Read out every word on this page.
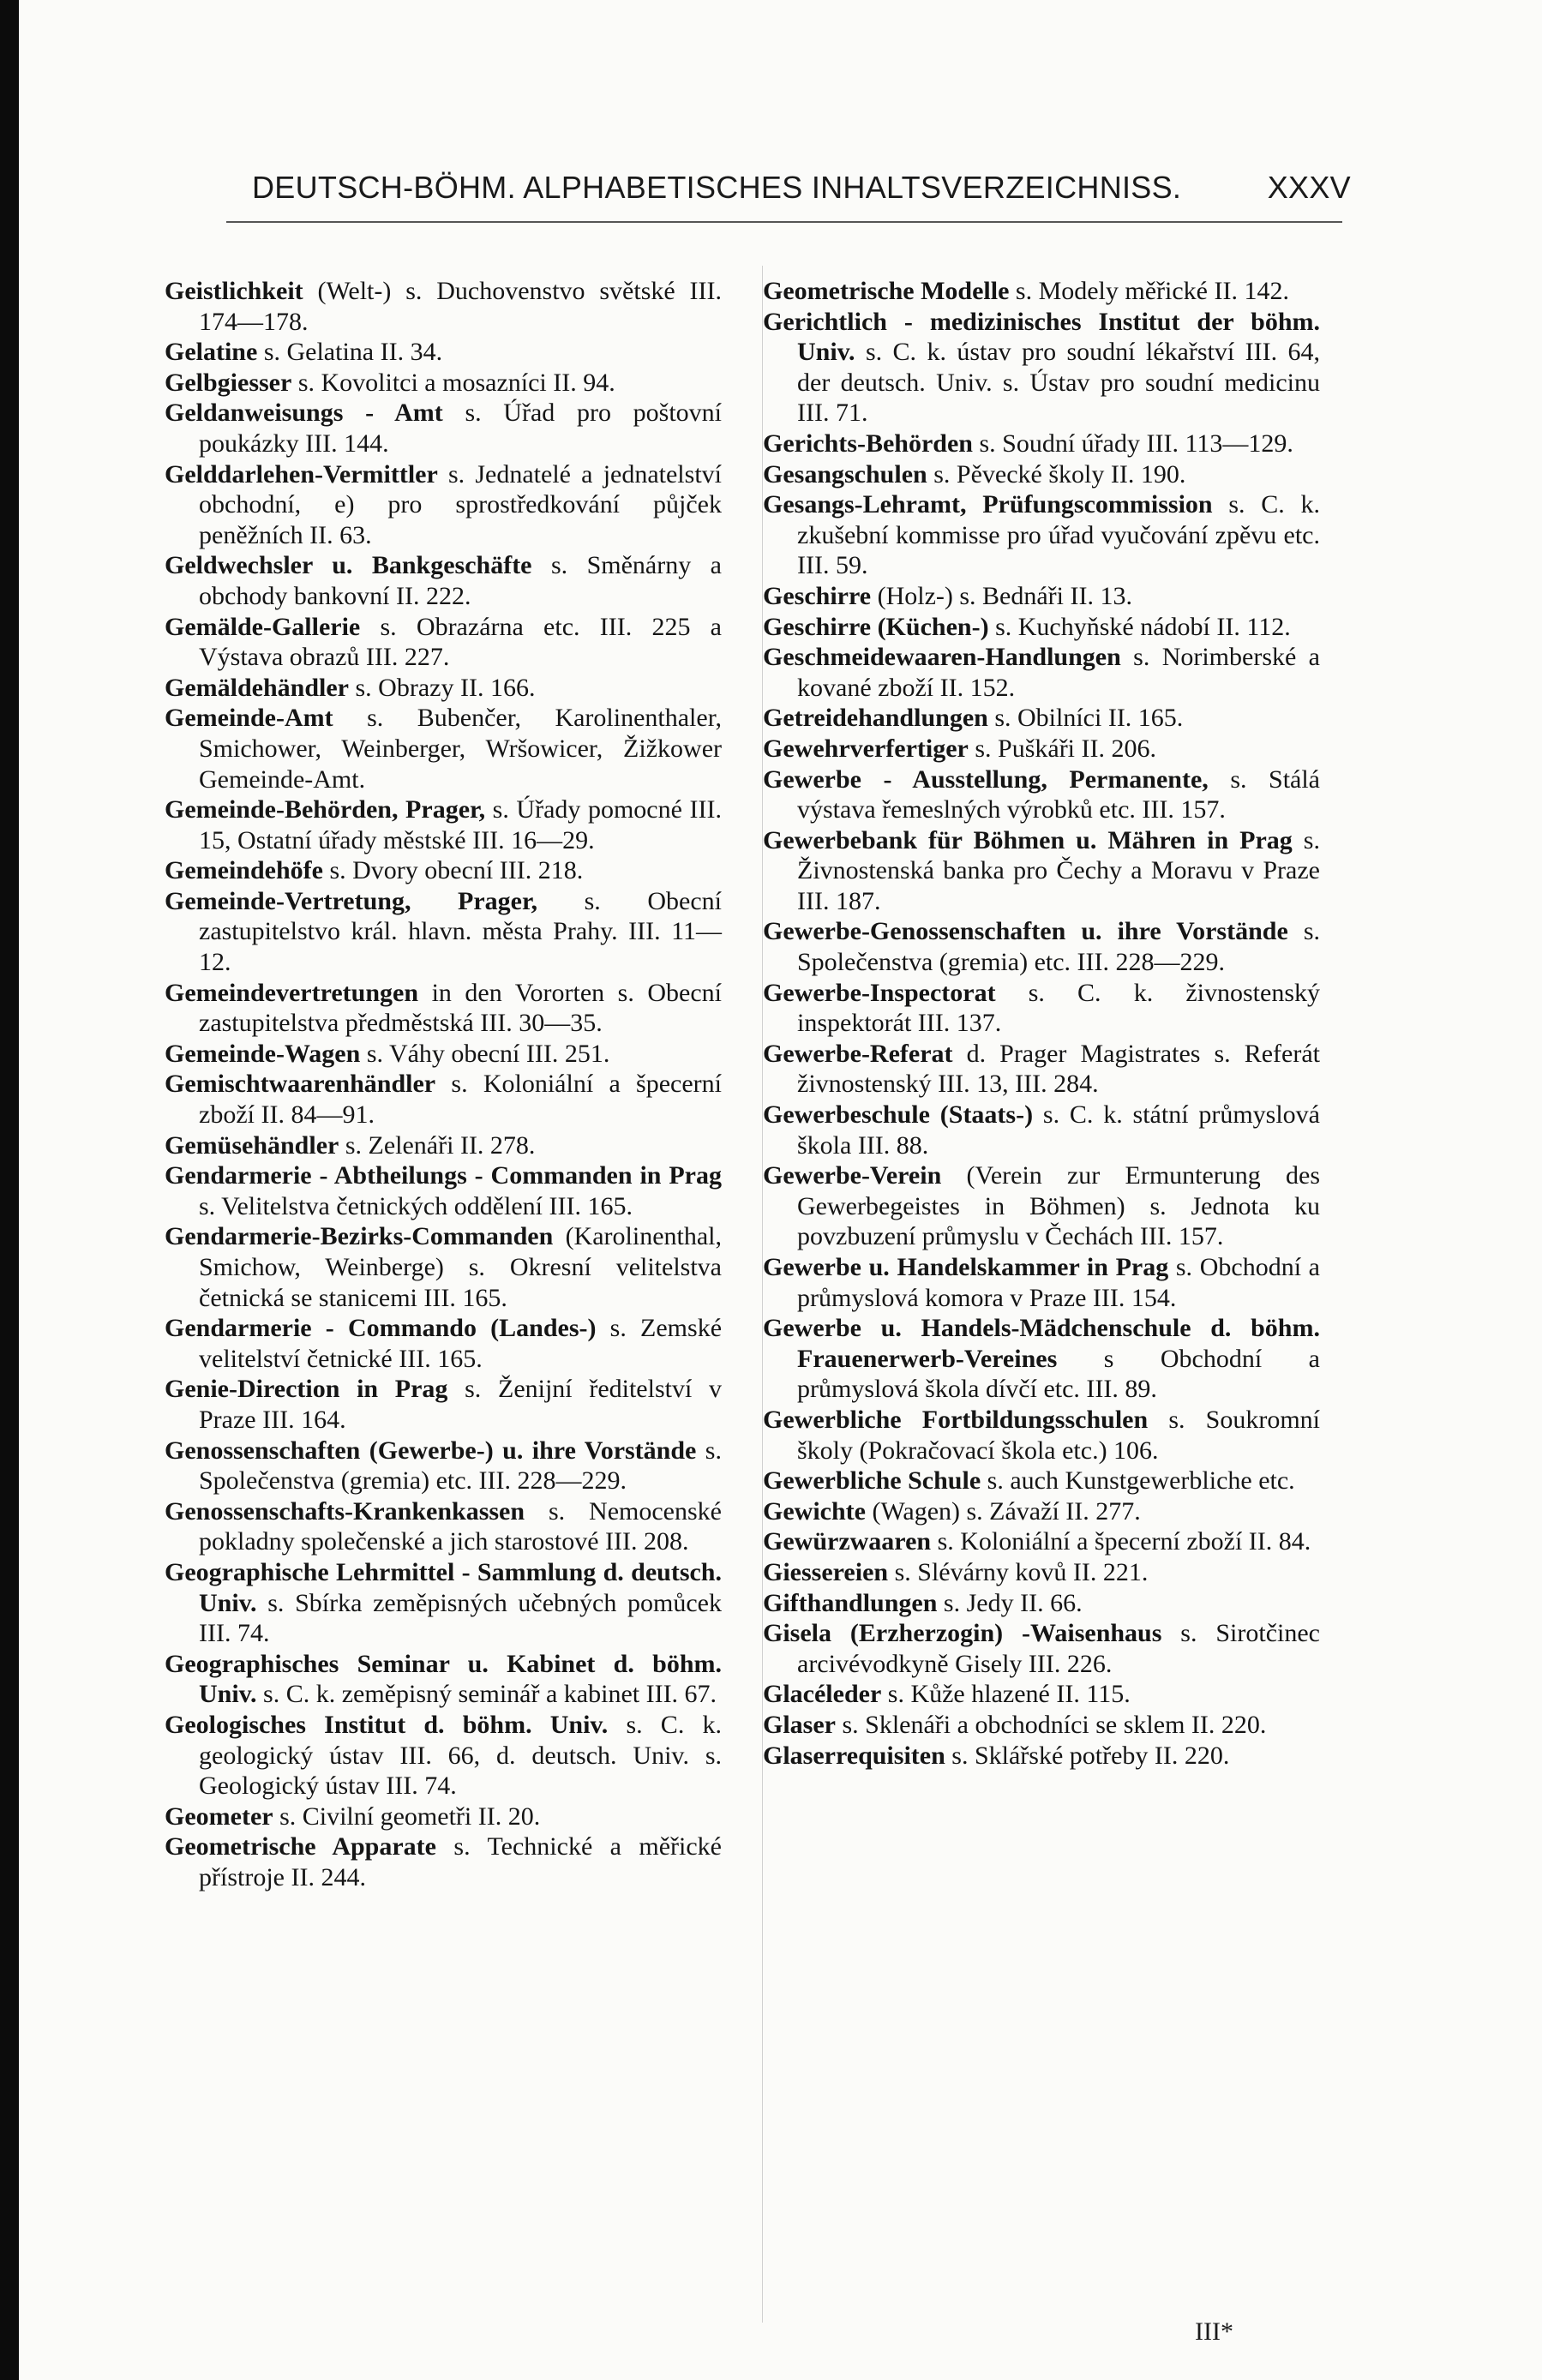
DEUTSCH-BÖHM. ALPHABETISCHES INHALTSVERZEICHNISS.	XXXV
Geistlichkeit (Welt-) s. Duchovenstvo světské III. 174—178.
Gelatine s. Gelatina II. 34.
Gelbgiesser s. Kovolitci a mosazníci II. 94.
Geldanweisungs - Amt s. Úřad pro poštovní poukázky III. 144.
Gelddarlehen-Vermittler s. Jednatelé a jednatelství obchodní, e) pro sprostředkování půjček peněžních II. 63.
Geldwechsler u. Bankgeschäfte s. Směnárny a obchody bankovní II. 222.
Gemälde-Gallerie s. Obrazárna etc. III. 225 a Výstava obrazů III. 227.
Gemäldehändler s. Obrazy II. 166.
Gemeinde-Amt s. Bubenčer, Karolinenthaler, Smichower, Weinberger, Wršowicer, Žižkower Gemeinde-Amt.
Gemeinde-Behörden, Prager, s. Úřady pomocné III. 15, Ostatní úřady městské III. 16—29.
Gemeindehöfe s. Dvory obecní III. 218.
Gemeinde-Vertretung, Prager, s. Obecní zastupitelstvo král. hlavn. města Prahy. III. 11—12.
Gemeindevertretungen in den Vororten s. Obecní zastupitelstva předměstská III. 30—35.
Gemeinde-Wagen s. Váhy obecní III. 251.
Gemischtwaarenhändler s. Koloniální a špecerní zboží II. 84—91.
Gemüsehändler s. Zelenáři II. 278.
Gendarmerie - Abtheilungs - Commanden in Prag s. Velitelstva četnických oddělení III. 165.
Gendarmerie-Bezirks-Commanden (Karolinenthal, Smichow, Weinberge) s. Okresní velitelstva četnická se stanicemi III. 165.
Gendarmerie - Commando (Landes-) s. Zemské velitelství četnické III. 165.
Genie-Direction in Prag s. Ženijní ředitelství v Praze III. 164.
Genossenschaften (Gewerbe-) u. ihre Vorstände s. Společenstva (gremia) etc. III. 228—229.
Genossenschafts-Krankenkassen s. Nemocenské pokladny společenské a jich starostové III. 208.
Geographische Lehrmittel - Sammlung d. deutsch. Univ. s. Sbírka zeměpisných učebných pomůcek III. 74.
Geographisches Seminar u. Kabinet d. böhm. Univ. s. C. k. zeměpisný seminář a kabinet III. 67.
Geologisches Institut d. böhm. Univ. s. C. k. geologický ústav III. 66, d. deutsch. Univ. s. Geologický ústav III. 74.
Geometer s. Civilní geometři II. 20.
Geometrische Apparate s. Technické a měřické přístroje II. 244.
Geometrische Modelle s. Modely měřické II. 142.
Gerichtlich - medizinisches Institut der böhm. Univ. s. C. k. ústav pro soudní lékařství III. 64, der deutsch. Univ. s. Ústav pro soudní medicinu III. 71.
Gerichts-Behörden s. Soudní úřady III. 113—129.
Gesangschulen s. Pěvecké školy II. 190.
Gesangs-Lehramt, Prüfungscommission s. C. k. zkušební kommisse pro úřad vyučování zpěvu etc. III. 59.
Geschirre (Holz-) s. Bednáři II. 13.
Geschirre (Küchen-) s. Kuchyňské nádobí II. 112.
Geschmeidewaaren-Handlungen s. Norimberské a kované zboží II. 152.
Getreidehandlungen s. Obilníci II. 165.
Gewehrverfertiger s. Puškáři II. 206.
Gewerbe - Ausstellung, Permanente, s. Stálá výstava řemeslných výrobků etc. III. 157.
Gewerbebank für Böhmen u. Mähren in Prag s. Živnostenská banka pro Čechy a Moravu v Praze III. 187.
Gewerbe-Genossenschaften u. ihre Vorstände s. Společenstva (gremia) etc. III. 228—229.
Gewerbe-Inspectorat s. C. k. živnostenský inspektorát III. 137.
Gewerbe-Referat d. Prager Magistrates s. Referát živnostenský III. 13, III. 284.
Gewerbeschule (Staats-) s. C. k. státní průmyslová škola III. 88.
Gewerbe-Verein (Verein zur Ermunterung des Gewerbegeistes in Böhmen) s. Jednota ku povzbuzení průmyslu v Čechách III. 157.
Gewerbe u. Handelskammer in Prag s. Obchodní a průmyslová komora v Praze III. 154.
Gewerbe u. Handels-Mädchenschule d. böhm. Frauenerwerb-Vereines s Obchodní a průmyslová škola dívčí etc. III. 89.
Gewerbliche Fortbildungsschulen s. Soukromní školy (Pokračovací škola etc.) 106.
Gewerbliche Schule s. auch Kunstgewerbliche etc.
Gewichte (Wagen) s. Závaží II. 277.
Gewürzwaaren s. Koloniální a špecerní zboží II. 84.
Giessereien s. Slévárny kovů II. 221.
Gifthandlungen s. Jedy II. 66.
Gisela (Erzherzogin) -Waisenhaus s. Sirotčinec arcivévodkyně Gisely III. 226.
Glacéleder s. Kůže hlazené II. 115.
Glaser s. Sklenáři a obchodníci se sklem II. 220.
Glaserrequisiten s. Sklářské potřeby II. 220.
III*
